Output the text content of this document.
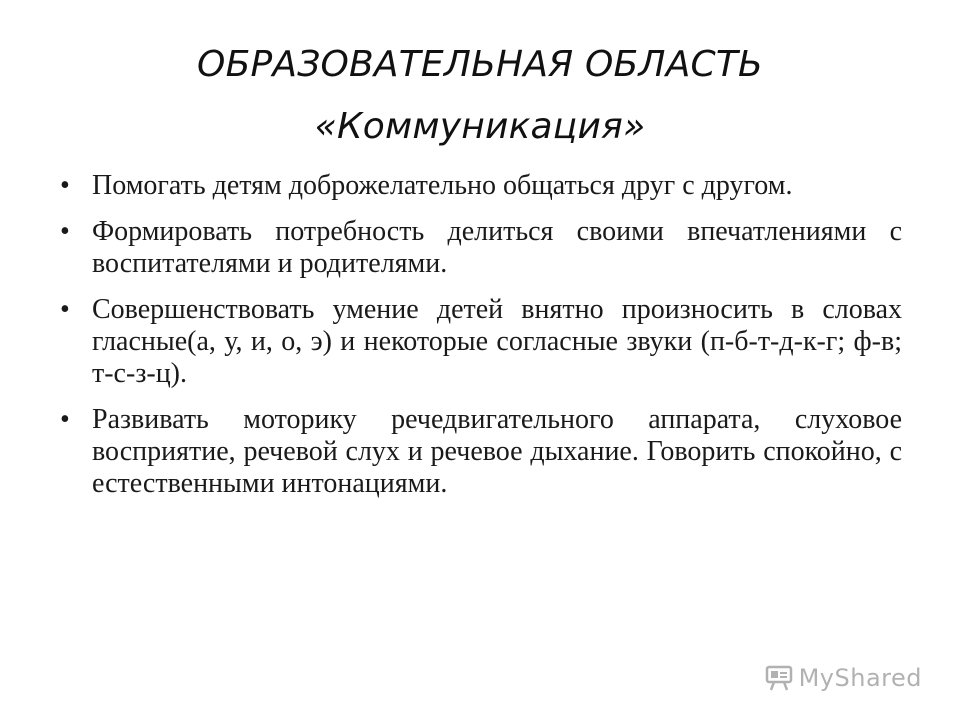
ОБРАЗОВАТЕЛЬНАЯ ОБЛАСТЬ
«Коммуникация»
• Помогать детям доброжелательно общаться друг с другом.
• Формировать потребность делиться своими впечатлениями с воспитателями и родителями.
• Совершенствовать умение детей внятно произносить в словах гласные(а, у, и, о, э) и некоторые согласные звуки (п-б-т-д-к-г; ф-в; т-с-з-ц).
• Развивать моторику речедвигательного аппарата, слуховое восприятие, речевой слух и речевое дыхание. Говорить спокойно, с естественными интонациями.
MyShared
